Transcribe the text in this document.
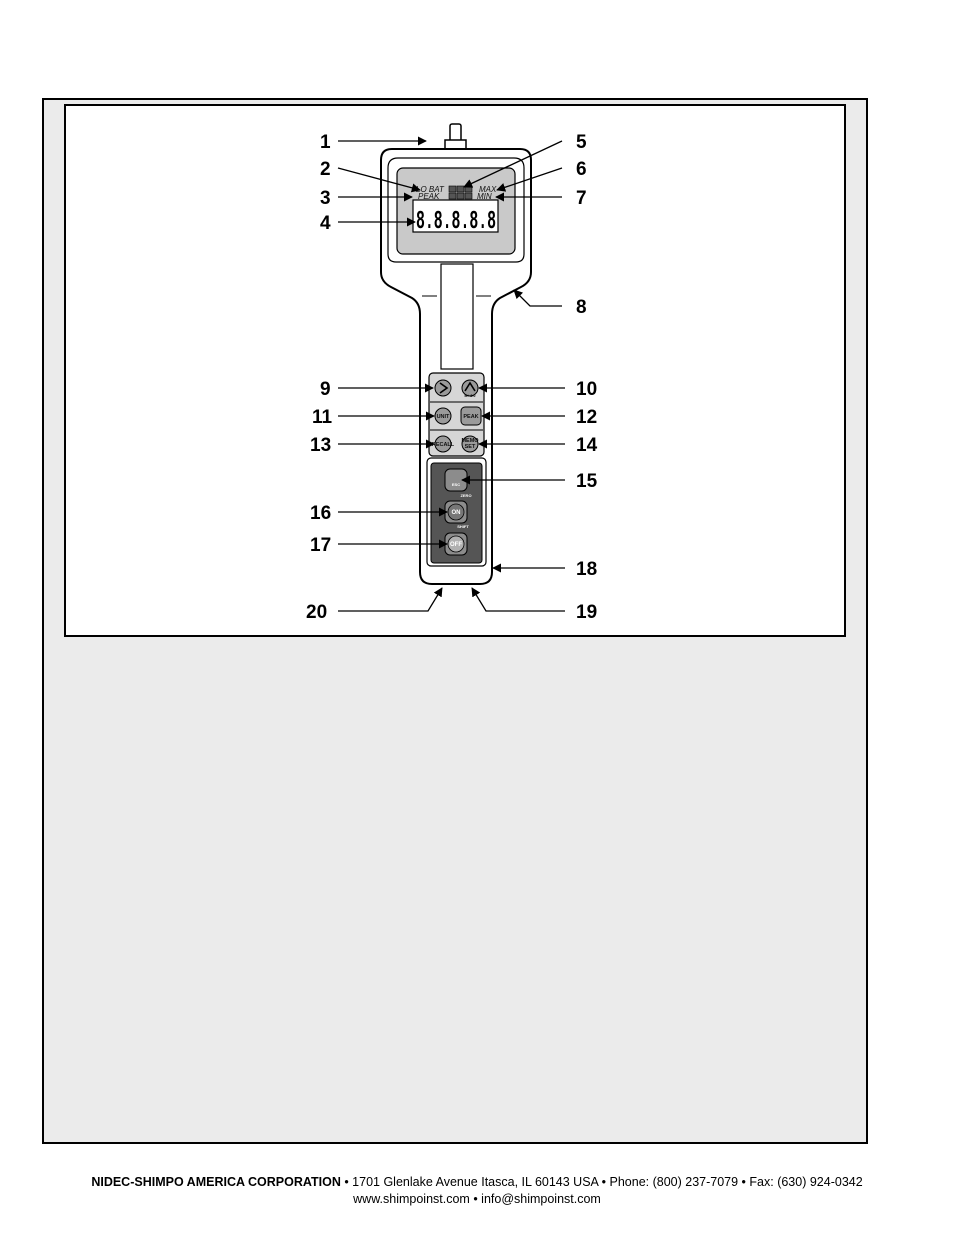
LO BAT
PEAK
MAX
MIN
8.8.8.8.8
M+ 2:0
UNIT	PEAK
RECALL
MEMO
SET
ESC
ZERO
ON
SHIFT
OFF
1
2
3
4
5
6
7
8
9	10
11	12
13	14
15
16
17
18
19
20
NIDEC-SHIMPO AMERICA CORPORATION • 1701 Glenlake Avenue Itasca, IL 60143 USA • Phone: (800) 237-7079 • Fax: (630) 924-0342
www.shimpoinst.com • info@shimpoinst.com
